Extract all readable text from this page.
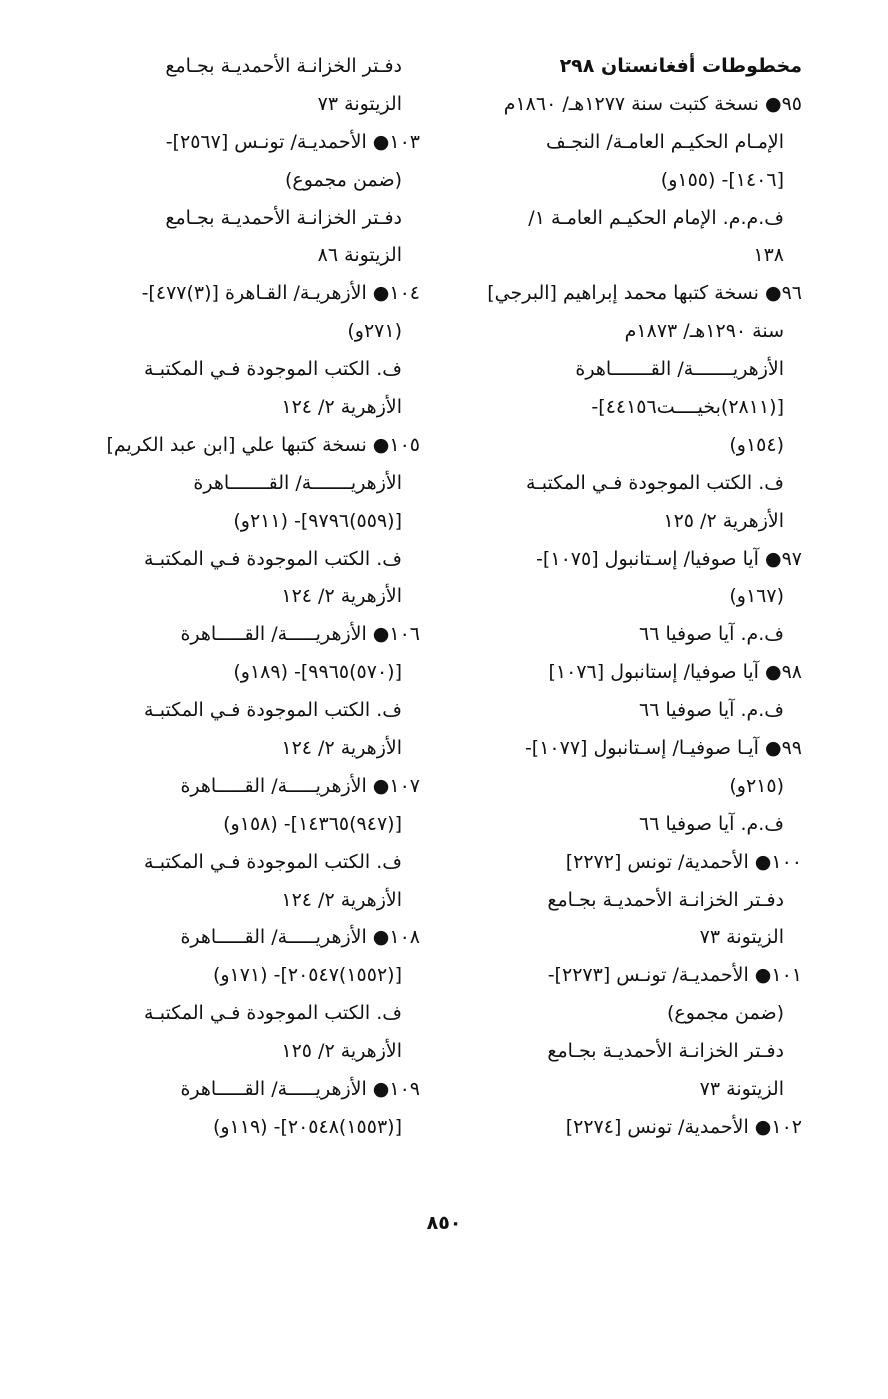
مخطوطات أفغانستان ٢٩٨
٩٥● نسخة كتبت سنة ١٢٧٧هـ/ ١٨٦٠م
الإمـام الحكيـم العامـة/ النجـف
[١٤٠٦]- (١٥٥و)
ف.م.م. الإمام الحكيـم العامـة ١/
١٣٨
٩٦● نسخة كتبها محمد إبراهيم [البرجي]
سنة ١٢٩٠هـ/ ١٨٧٣م
الأزهريـــــــة/ القـــــــاهرة
[(٢٨١١)بخيــــت٤٤١٥٦]-
(١٥٤و)
ف. الكتب الموجودة فـي المكتبـة
الأزهرية ٢/ ١٢٥
٩٧● آيا صوفيا/ إسـتانبول [١٠٧٥]-
(١٦٧و)
ف.م. آيا صوفيا ٦٦
٩٨● آيا صوفيا/ إستانبول [١٠٧٦]
ف.م. آيا صوفيا ٦٦
٩٩● آيـا صوفيـا/ إسـتانبول [١٠٧٧]-
(٢١٥و)
ف.م. آيا صوفيا ٦٦
١٠٠● الأحمدية/ تونس [٢٢٧٢]
دفـتر الخزانـة الأحمديـة بجـامع
الزيتونة ٧٣
١٠١● الأحمديـة/ تونـس [٢٢٧٣]-
(ضمن مجموع)
دفـتر الخزانـة الأحمديـة بجـامع
الزيتونة ٧٣
١٠٢● الأحمدية/ تونس [٢٢٧٤]
دفـتر الخزانـة الأحمديـة بجـامع
الزيتونة ٧٣
١٠٣● الأحمديـة/ تونـس [٢٥٦٧]-
(ضمن مجموع)
دفـتر الخزانـة الأحمديـة بجـامع
الزيتونة ٨٦
١٠٤● الأزهريـة/ القـاهرة [(٣)٤٧٧]-
(٢٧١و)
ف. الكتب الموجودة فـي المكتبـة
الأزهرية ٢/ ١٢٤
١٠٥● نسخة كتبها علي [ابن عبد الكريم]
الأزهريـــــــة/ القـــــــاهرة
[(٥٥٩)٩٧٩٦]- (٢١١و)
ف. الكتب الموجودة فـي المكتبـة
الأزهرية ٢/ ١٢٤
١٠٦● الأزهريـــــة/ القـــــاهرة
[(٥٧٠)٩٩٦٥]- (١٨٩و)
ف. الكتب الموجودة فـي المكتبـة
الأزهرية ٢/ ١٢٤
١٠٧● الأزهريـــــة/ القـــــاهرة
[(٩٤٧)١٤٣٦٥]- (١٥٨و)
ف. الكتب الموجودة فـي المكتبـة
الأزهرية ٢/ ١٢٤
١٠٨● الأزهريـــــة/ القـــــاهرة
[(١٥٥٢)٢٠٥٤٧]- (١٧١و)
ف. الكتب الموجودة فـي المكتبـة
الأزهرية ٢/ ١٢٥
١٠٩● الأزهريـــــة/ القـــــاهرة
[(١٥٥٣)٢٠٥٤٨]- (١١٩و)
٨٥٠
